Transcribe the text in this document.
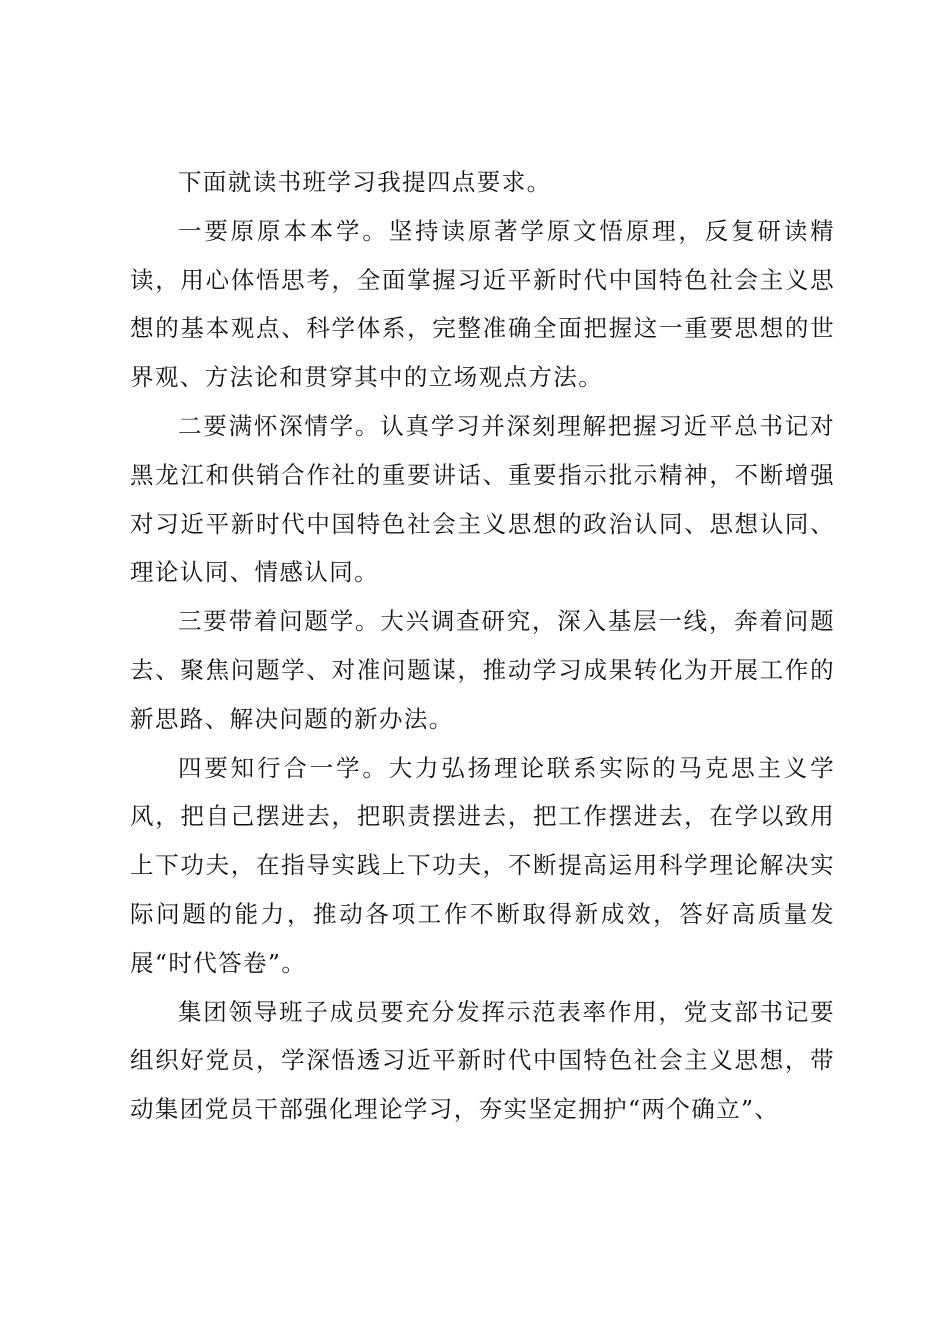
下面就读书班学习我提四点要求。

一要原原本本学。坚持读原著学原文悟原理，反复研读精读，用心体悟思考，全面掌握习近平新时代中国特色社会主义思想的基本观点、科学体系，完整准确全面把握这一重要思想的世界观、方法论和贯穿其中的立场观点方法。

二要满怀深情学。认真学习并深刻理解把握习近平总书记对黑龙江和供销合作社的重要讲话、重要指示批示精神，不断增强对习近平新时代中国特色社会主义思想的政治认同、思想认同、理论认同、情感认同。

三要带着问题学。大兴调查研究，深入基层一线，奔着问题去、聚焦问题学、对准问题谋，推动学习成果转化为开展工作的新思路、解决问题的新办法。

四要知行合一学。大力弘扬理论联系实际的马克思主义学风，把自己摆进去，把职责摆进去，把工作摆进去，在学以致用上下功夫，在指导实践上下功夫，不断提高运用科学理论解决实际问题的能力，推动各项工作不断取得新成效，答好高质量发展“时代答卷”。

集团领导班子成员要充分发挥示范表率作用，党支部书记要组织好党员，学深悟透习近平新时代中国特色社会主义思想，带动集团党员干部强化理论学习，夯实坚定拥护“两个确立”、
